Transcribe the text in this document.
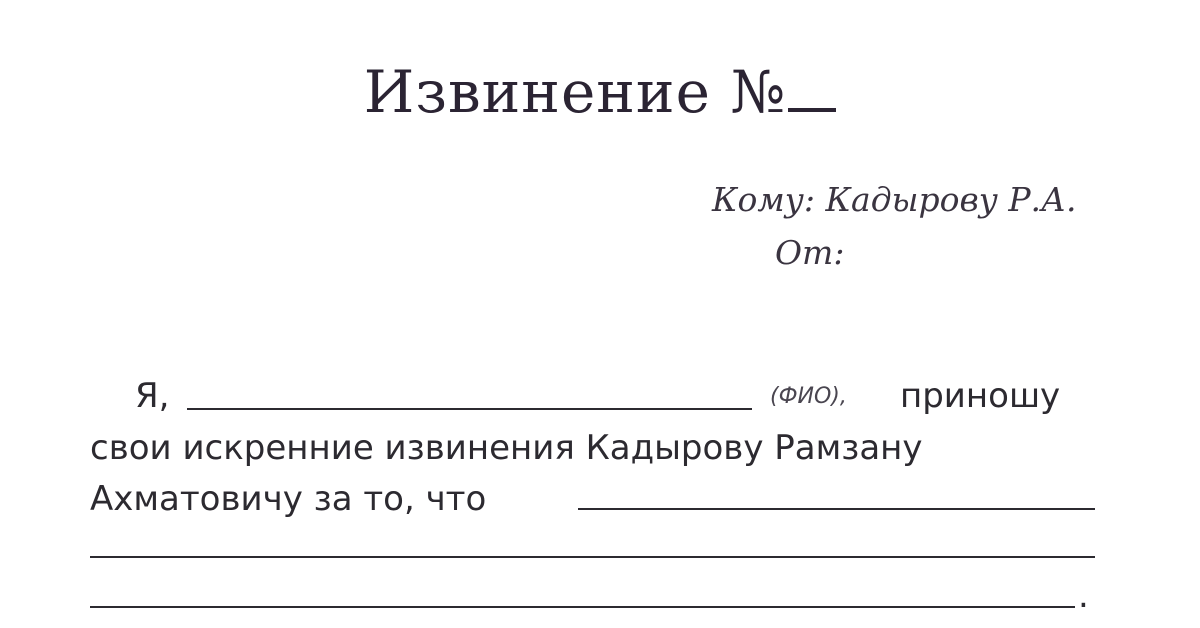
Извинение №
Кому: Кадырову Р.А.
От:
Я,	(ФИО), приношу
свои искренние извинения Кадырову Рамзану
Ахматовичу за то, что
.
